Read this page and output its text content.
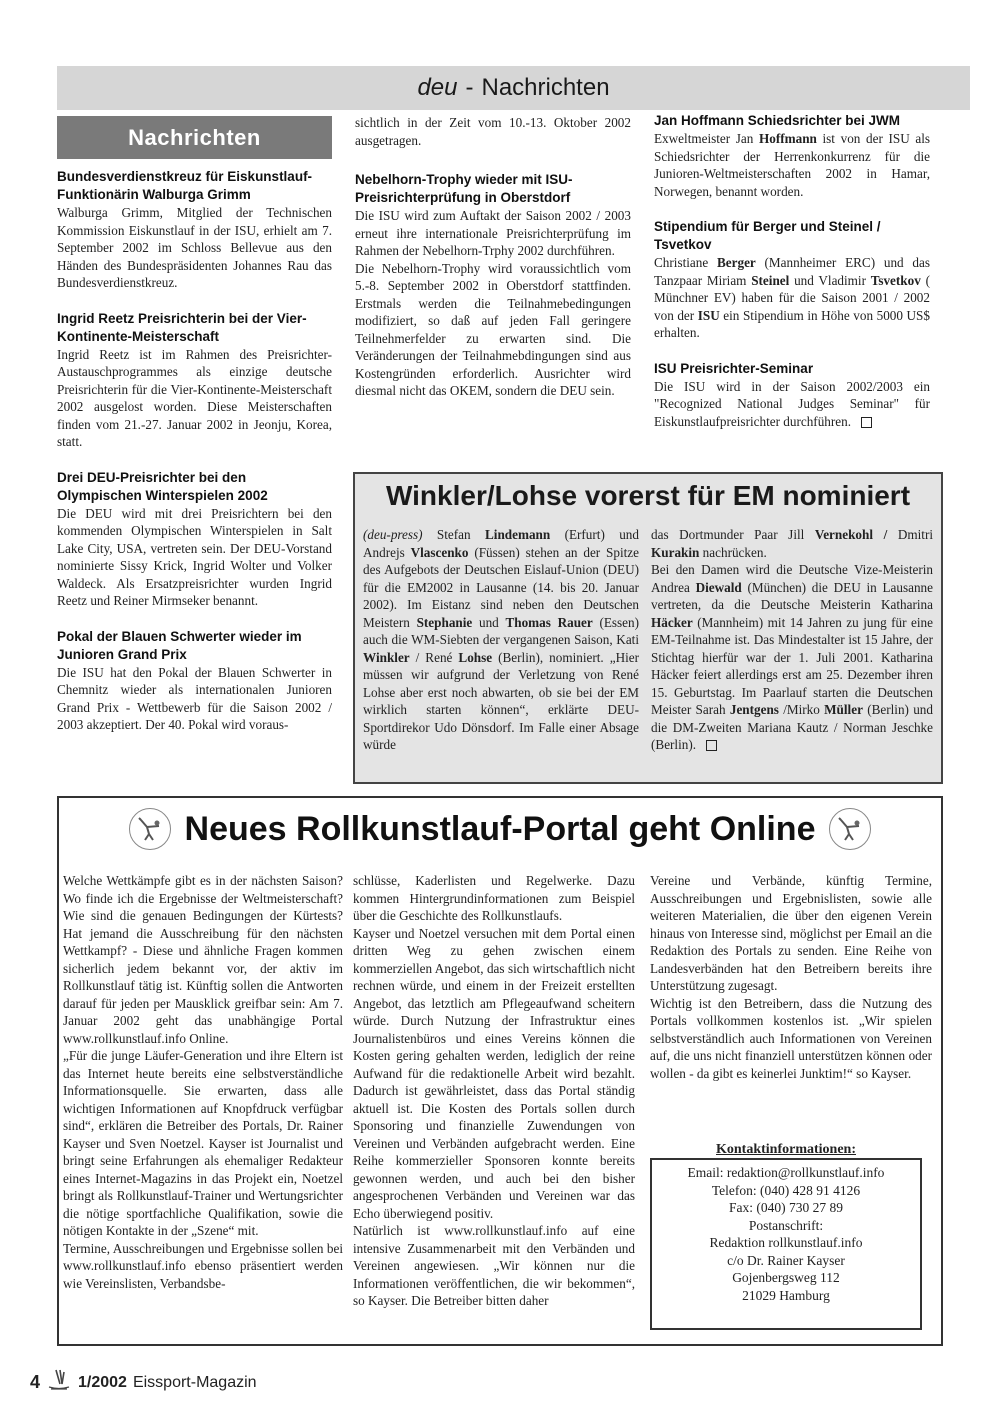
deu - Nachrichten
Nachrichten

Bundesverdienstkreuz für Eiskunstlauf-Funktionärin Walburga Grimm

Walburga Grimm, Mitglied der Technischen Kommission Eiskunstlauf in der ISU, erhielt am 7. September 2002 im Schloss Bellevue aus den Händen des Bundespräsidenten Johannes Rau das Bundesverdienstkreuz.

Ingrid Reetz Preisrichterin bei der Vier-Kontinente-Meisterschaft

Ingrid Reetz ist im Rahmen des Preisrichter-Austauschprogrammes als einzige deutsche Preisrichterin für die Vier-Kontinente-Meisterschaft 2002 ausgelost worden. Diese Meisterschaften finden vom 21.-27. Januar 2002 in Jeonju, Korea, statt.

Drei DEU-Preisrichter bei den Olympischen Winterspielen 2002

Die DEU wird mit drei Preisrichtern bei den kommenden Olympischen Winterspielen in Salt Lake City, USA, vertreten sein. Der DEU-Vorstand nominierte Sissy Krick, Ingrid Wolter und Volker Waldeck. Als Ersatzpreisrichter wurden Ingrid Reetz und Reiner Mirmseker benannt.

Pokal der Blauen Schwerter wieder im Junioren Grand Prix

Die ISU hat den Pokal der Blauen Schwerter in Chemnitz wieder als internationalen Junioren Grand Prix - Wettbewerb für die Saison 2002 / 2003 akzeptiert. Der 40. Pokal wird voraus-

sichtlich in der Zeit vom 10.-13. Oktober 2002 ausgetragen.

Nebelhorn-Trophy wieder mit ISU-Preisrichterprüfung in Oberstdorf

Die ISU wird zum Auftakt der Saison 2002 / 2003 erneut ihre internationale Preisrichterprüfung im Rahmen der Nebelhorn-Trphy 2002 durchführen.

Die Nebelhorn-Trophy wird voraussichtlich vom 5.-8. September 2002 in Oberstdorf stattfinden. Erstmals werden die Teilnahmebedingungen modifiziert, so daß auf jeden Fall geringere Teilnehmerfelder zu erwarten sind. Die Veränderungen der Teilnahmebdingungen sind aus Kostengründen erforderlich. Ausrichter wird diesmal nicht das OKEM, sondern die DEU sein.

Jan Hoffmann Schiedsrichter bei JWM

Exweltmeister Jan Hoffmann ist von der ISU als Schiedsrichter der Herrenkonkurrenz für die Junioren-Weltmeisterschaften 2002 in Hamar, Norwegen, benannt worden.

Stipendium für Berger und Steinel / Tsvetkov

Christiane Berger (Mannheimer ERC) und das Tanzpaar Miriam Steinel und Vladimir Tsvetkov ( Münchner EV) haben für die Saison 2001 / 2002 von der ISU ein Stipendium in Höhe von 5000 US$ erhalten.

ISU Preisrichter-Seminar

Die ISU wird in der Saison 2002/2003 ein "Recognized National Judges Seminar" für Eiskunstlaufpreisrichter durchführen.

Winkler/Lohse vorerst für EM nominiert

(deu-press) Stefan Lindemann (Erfurt) und Andrejs Vlascenko (Füssen) stehen an der Spitze des Aufgebots der Deutschen Eislauf-Union (DEU) für die EM2002 in Lausanne (14. bis 20. Januar 2002). Im Eistanz sind neben den Deutschen Meistern Stephanie und Thomas Rauer (Essen) auch die WM-Siebten der vergangenen Saison, Kati Winkler / René Lohse (Berlin), nominiert. „Hier müssen wir aufgrund der Verletzung von René Lohse aber erst noch abwarten, ob sie bei der EM wirklich starten können“, erklärte DEU-Sportdirekor Udo Dönsdorf. Im Falle einer Absage würde

das Dortmunder Paar Jill Vernekohl / Dmitri Kurakin nachrücken.

Bei den Damen wird die Deutsche Vize-Meisterin Andrea Diewald (München) die DEU in Lausanne vertreten, da die Deutsche Meisterin Katharina Häcker (Mannheim) mit 14 Jahren zu jung für eine EM-Teilnahme ist. Das Mindestalter ist 15 Jahre, der Stichtag hierfür war der 1. Juli 2001. Katharina Häcker feiert allerdings erst am 25. Dezember ihren 15. Geburtstag. Im Paarlauf starten die Deutschen Meister Sarah Jentgens /Mirko Müller (Berlin) und die DM-Zweiten Mariana Kautz / Norman Jeschke (Berlin).

Neues Rollkunstlauf-Portal geht Online

Welche Wettkämpfe gibt es in der nächsten Saison? Wo finde ich die Ergebnisse der Weltmeisterschaft? Wie sind die genauen Bedingungen der Kürtests? Hat jemand die Ausschreibung für den nächsten Wettkampf? - Diese und ähnliche Fragen kommen sicherlich jedem bekannt vor, der aktiv im Rollkunstlauf tätig ist. Künftig sollen die Antworten darauf für jeden per Mausklick greifbar sein: Am 7. Januar 2002 geht das unabhängige Portal www.rollkunstlauf.info Online.

„Für die junge Läufer-Generation und ihre Eltern ist das Internet heute bereits eine selbstverständliche Informationsquelle. Sie erwarten, dass alle wichtigen Informationen auf Knopfdruck verfügbar sind“, erklären die Betreiber des Portals, Dr. Rainer Kayser und Sven Noetzel. Kayser ist Journalist und bringt seine Erfahrungen als ehemaliger Redakteur eines Internet-Magazins in das Projekt ein, Noetzel bringt als Rollkunstlauf-Trainer und Wertungsrichter die nötige sportfachliche Qualifikation, sowie die nötigen Kontakte in der „Szene“ mit.

Termine, Ausschreibungen und Ergebnisse sollen bei www.rollkunstlauf.info ebenso präsentiert werden wie Vereinslisten, Verbandsbe-

schlüsse, Kaderlisten und Regelwerke. Dazu kommen Hintergrundinformationen zum Beispiel über die Geschichte des Rollkunstlaufs.

Kayser und Noetzel versuchen mit dem Portal einen dritten Weg zu gehen zwischen einem kommerziellen Angebot, das sich wirtschaftlich nicht rechnen würde, und einem in der Freizeit erstellten Angebot, das letztlich am Pflegeaufwand scheitern würde. Durch Nutzung der Infrastruktur eines Journalistenbüros und eines Vereins können die Kosten gering gehalten werden, lediglich der reine Aufwand für die redaktionelle Arbeit wird bezahlt. Dadurch ist gewährleistet, dass das Portal ständig aktuell ist. Die Kosten des Portals sollen durch Sponsoring und finanzielle Zuwendungen von Vereinen und Verbänden aufgebracht werden. Eine Reihe kommerzieller Sponsoren konnte bereits gewonnen werden, und auch bei den bisher angesprochenen Verbänden und Vereinen war das Echo überwiegend positiv.

Natürlich ist www.rollkunstlauf.info auf eine intensive Zusammenarbeit mit den Verbänden und Vereinen angewiesen. „Wir können nur die Informationen veröffentlichen, die wir bekommen“, so Kayser. Die Betreiber bitten daher

Vereine und Verbände, künftig Termine, Ausschreibungen und Ergebnislisten, sowie alle weiteren Materialien, die über den eigenen Verein hinaus von Interesse sind, möglichst per Email an die Redaktion des Portals zu senden. Eine Reihe von Landesverbänden hat den Betreibern bereits ihre Unterstützung zugesagt.

Wichtig ist den Betreibern, dass die Nutzung des Portals vollkommen kostenlos ist. „Wir spielen selbstverständlich auch Informationen von Vereinen auf, die uns nicht finanziell unterstützen können oder wollen - da gibt es keinerlei Junktim!“ so Kayser.

Kontaktinformationen:
Email: redaktion@rollkunstlauf.info
Telefon: (040) 428 91 4126
Fax: (040) 730 27 89
Postanschrift:
Redaktion rollkunstlauf.info
c/o Dr. Rainer Kayser
Gojenbergsweg 112
21029 Hamburg
4 1/2002 Eissport-Magazin
